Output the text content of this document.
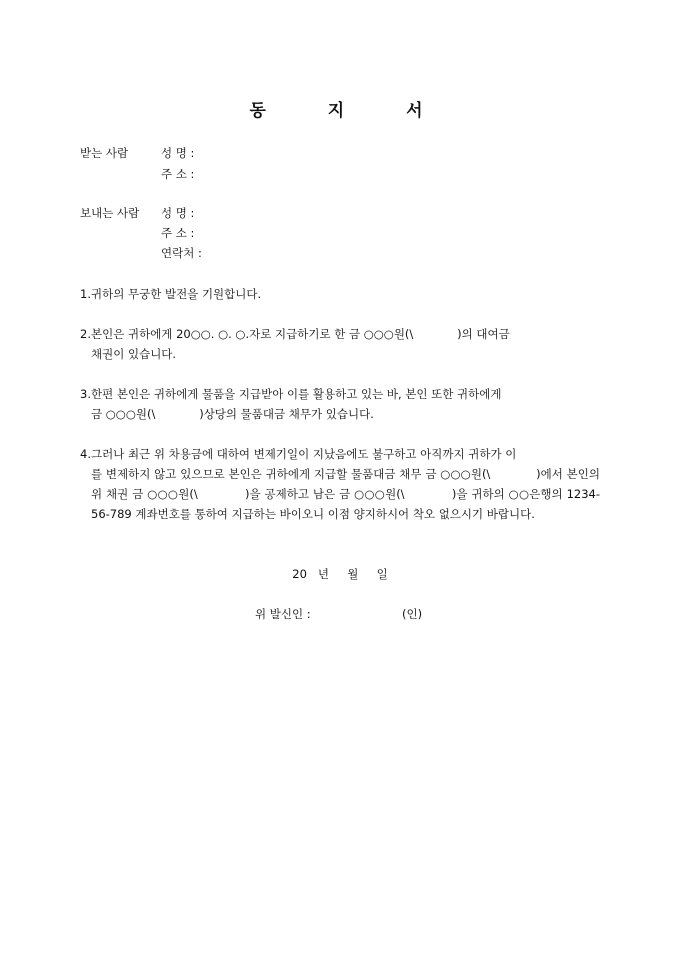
동 지 서
받는 사람	성 명 :
주 소 :
보내는 사람 성 명 :
주 소 :
연락처 :
1.귀하의 무궁한 발전을 기원합니다.
2.본인은 귀하에게 20○○. ○. ○.자로 지급하기로 한 금 ○○○원(\            )의 대여금
채권이 있습니다.
3.한편 본인은 귀하에게 물품을 지급받아 이를 활용하고 있는 바, 본인 또한 귀하에게
금 ○○○원(\            )상당의 물품대금 채무가 있습니다.
4.그러나 최근 위 차용금에 대하여 변제기일이 지났음에도 불구하고 아직까지 귀하가 이
를 변제하지 않고 있으므로 본인은 귀하에게 지급할 물품대금 채무 금 ○○○원(\            )에서 본인의 위 채권 금 ○○○원(\            )을 공제하고 남은 금 ○○○원(\            )을 귀하의 ○○은행의 1234-56-789 계좌번호를 통하여 지급하는 바이오니 이점 양지하시어 착오 없으시기 바랍니다.
20   년     월     일
위 발신인 :	(인)
